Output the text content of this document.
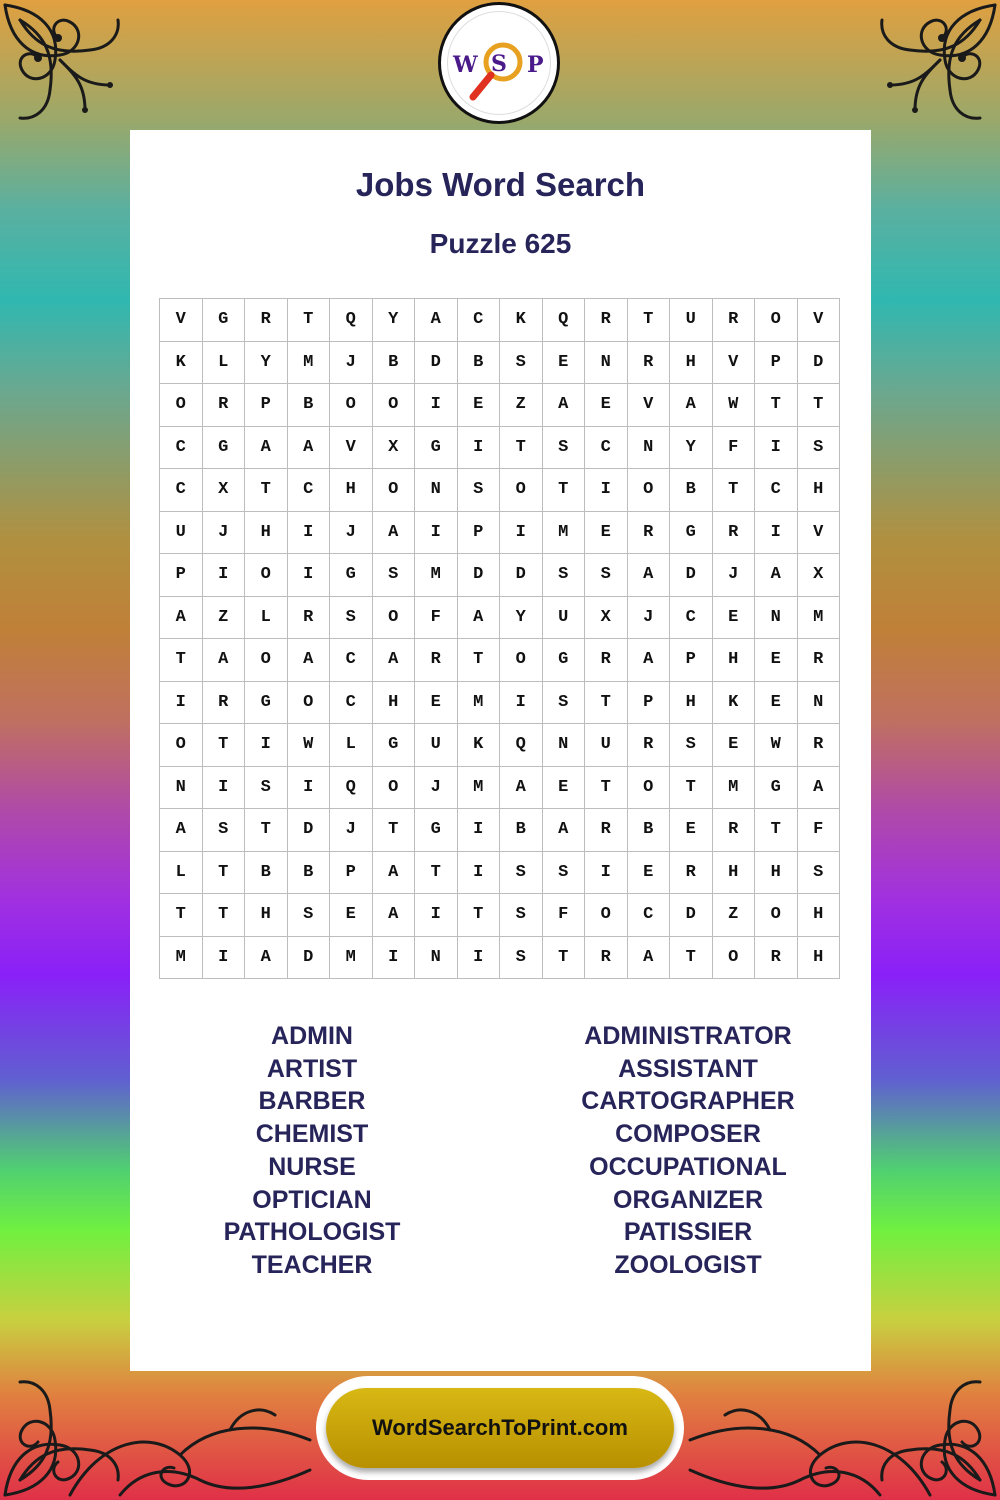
W S P
Jobs Word Search
Puzzle 625
V	G	R	T	Q	Y	A	C	K	Q	R	T	U	R	O	V
K	L	Y	M	J	B	D	B	S	E	N	R	H	V	P	D
O	R	P	B	O	O	I	E	Z	A	E	V	A	W	T	T
C	G	A	A	V	X	G	I	T	S	C	N	Y	F	I	S
C	X	T	C	H	O	N	S	O	T	I	O	B	T	C	H
U	J	H	I	J	A	I	P	I	M	E	R	G	R	I	V
P	I	O	I	G	S	M	D	D	S	S	A	D	J	A	X
A	Z	L	R	S	O	F	A	Y	U	X	J	C	E	N	M
T	A	O	A	C	A	R	T	O	G	R	A	P	H	E	R
I	R	G	O	C	H	E	M	I	S	T	P	H	K	E	N
O	T	I	W	L	G	U	K	Q	N	U	R	S	E	W	R
N	I	S	I	Q	O	J	M	A	E	T	O	T	M	G	A
A	S	T	D	J	T	G	I	B	A	R	B	E	R	T	F
L	T	B	B	P	A	T	I	S	S	I	E	R	H	H	S
T	T	H	S	E	A	I	T	S	F	O	C	D	Z	O	H
M	I	A	D	M	I	N	I	S	T	R	A	T	O	R	H
ADMIN
ARTIST
BARBER
CHEMIST
NURSE
OPTICIAN
PATHOLOGIST
TEACHER
ADMINISTRATOR
ASSISTANT
CARTOGRAPHER
COMPOSER
OCCUPATIONAL
ORGANIZER
PATISSIER
ZOOLOGIST
WordSearchToPrint.com
